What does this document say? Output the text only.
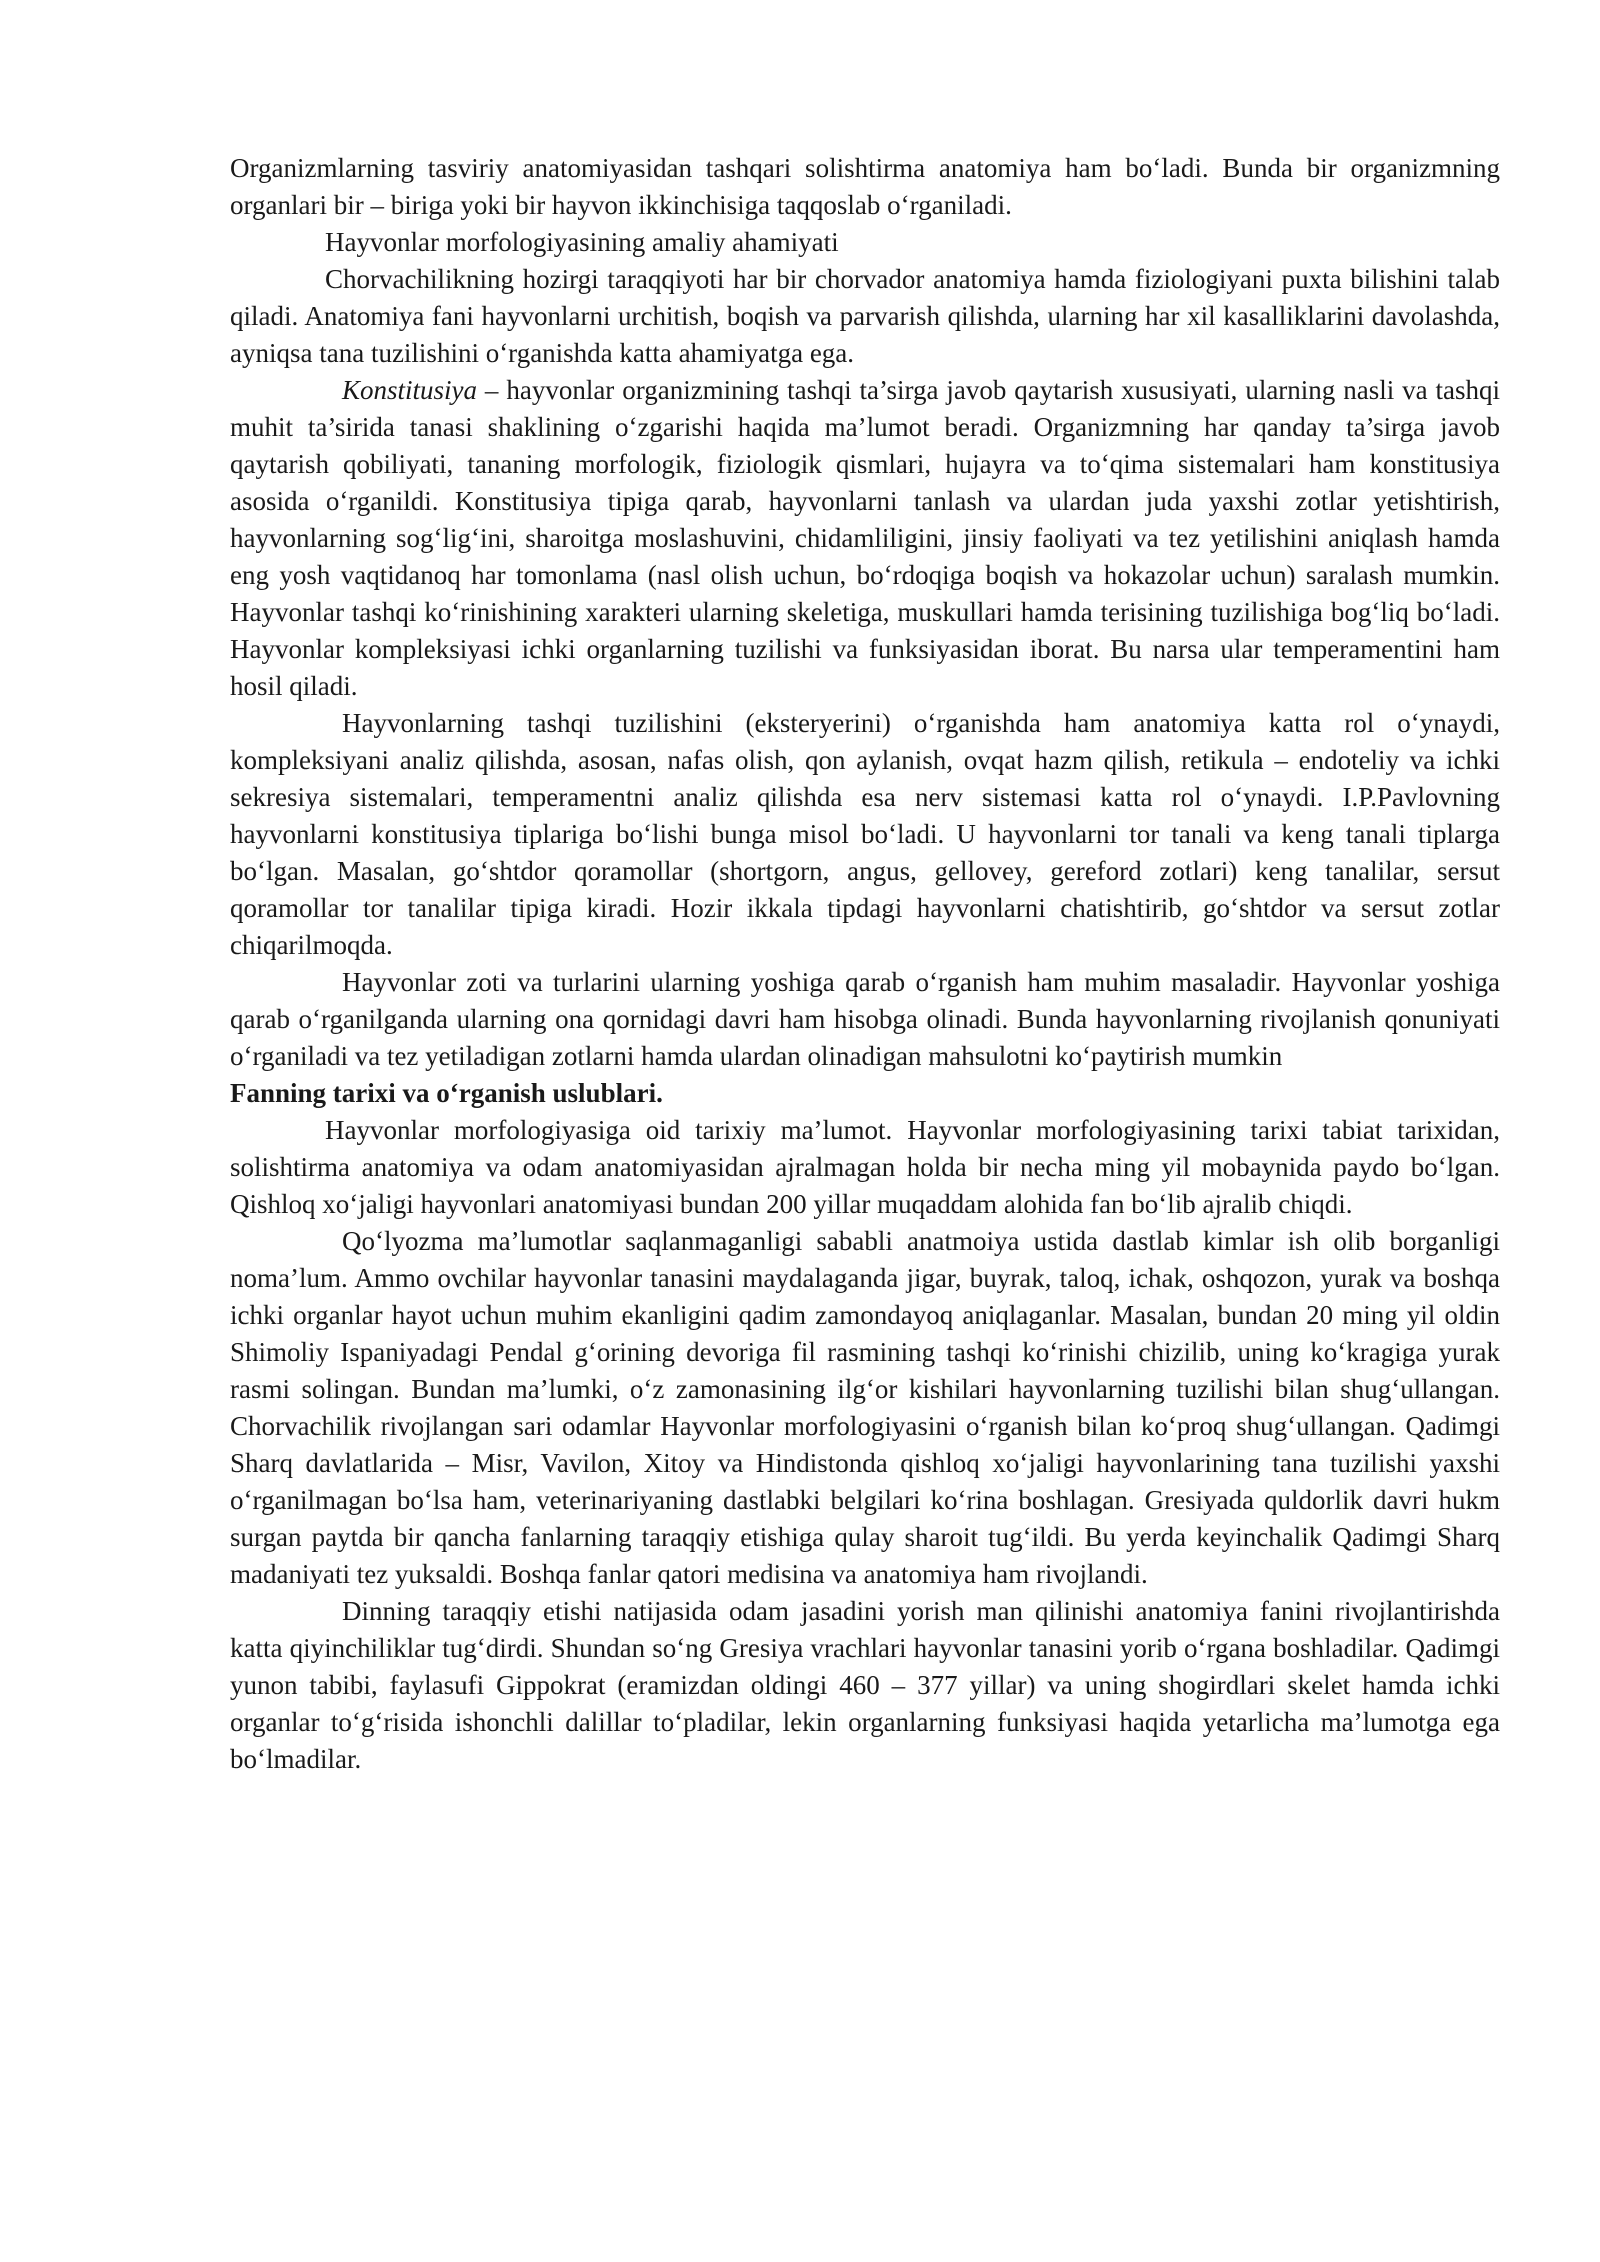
Organizmlarning tasviriy anatomiyasidan tashqari solishtirma anatomiya ham bo‘ladi. Bunda bir organizmning organlari bir – biriga yoki bir hayvon ikkinchisiga taqqoslab o‘rganiladi.

Hayvonlar morfologiyasining amaliy ahamiyati

Chorvachilikning hozirgi taraqqiyoti har bir chorvador anatomiya hamda fiziologiyani puxta bilishini talab qiladi. Anatomiya fani hayvonlarni urchitish, boqish va parvarish qilishda, ularning har xil kasalliklarini davolashda, ayniqsa tana tuzilishini o‘rganishda katta ahamiyatga ega.

Konstitusiya – hayvonlar organizmining tashqi ta’sirga javob qaytarish xususiyati, ularning nasli va tashqi muhit ta’sirida tanasi shaklining o‘zgarishi haqida ma’lumot beradi. Organizmning har qanday ta’sirga javob qaytarish qobiliyati, tananing morfologik, fiziologik qismlari, hujayra va to‘qima sistemalari ham konstitusiya asosida o‘rganildi. Konstitusiya tipiga qarab, hayvonlarni tanlash va ulardan juda yaxshi zotlar yetishtirish, hayvonlarning sog‘lig‘ini, sharoitga moslashuvini, chidamliligini, jinsiy faoliyati va tez yetilishini aniqlash hamda eng yosh vaqtidanoq har tomonlama (nasl olish uchun, bo‘rdoqiga boqish va hokazolar uchun) saralash mumkin. Hayvonlar tashqi ko‘rinishining xarakteri ularning skeletiga, muskullari hamda terisining tuzilishiga bog‘liq bo‘ladi. Hayvonlar kompleksiyasi ichki organlarning tuzilishi va funksiyasidan iborat. Bu narsa ular temperamentini ham hosil qiladi.

Hayvonlarning tashqi tuzilishini (eksteryerini) o‘rganishda ham anatomiya katta rol o‘ynaydi, kompleksiyani analiz qilishda, asosan, nafas olish, qon aylanish, ovqat hazm qilish, retikula – endoteliy va ichki sekresiya sistemalari, temperamentni analiz qilishda esa nerv sistemasi katta rol o‘ynaydi. I.P.Pavlovning hayvonlarni konstitusiya tiplariga bo‘lishi bunga misol bo‘ladi. U hayvonlarni tor tanali va keng tanali tiplarga bo‘lgan. Masalan, go‘shtdor qoramollar (shortgorn, angus, gellovey, gereford zotlari) keng tanalilar, sersut qoramollar tor tanalilar tipiga kiradi. Hozir ikkala tipdagi hayvonlarni chatishtirib, go‘shtdor va sersut zotlar chiqarilmoqda.

Hayvonlar zoti va turlarini ularning yoshiga qarab o‘rganish ham muhim masaladir. Hayvonlar yoshiga qarab o‘rganilganda ularning ona qornidagi davri ham hisobga olinadi. Bunda hayvonlarning rivojlanish qonuniyati o‘rganiladi va tez yetiladigan zotlarni hamda ulardan olinadigan mahsulotni ko‘paytirish mumkin

Fanning tarixi va o‘rganish uslublari.

Hayvonlar morfologiyasiga oid tarixiy ma’lumot. Hayvonlar morfologiyasining tarixi tabiat tarixidan, solishtirma anatomiya va odam anatomiyasidan ajralmagan holda bir necha ming yil mobaynida paydo bo‘lgan. Qishloq xo‘jaligi hayvonlari anatomiyasi bundan 200 yillar muqaddam alohida fan bo‘lib ajralib chiqdi.

Qo‘lyozma ma’lumotlar saqlanmaganligi sababli anatmoiya ustida dastlab kimlar ish olib borganligi noma’lum. Ammo ovchilar hayvonlar tanasini maydalaganda jigar, buyrak, taloq, ichak, oshqozon, yurak va boshqa ichki organlar hayot uchun muhim ekanligini qadim zamondayoq aniqlaganlar. Masalan, bundan 20 ming yil oldin Shimoliy Ispaniyadagi Pendal g‘orining devoriga fil rasmining tashqi ko‘rinishi chizilib, uning ko‘kragiga yurak rasmi solingan. Bundan ma’lumki, o‘z zamonasining ilg‘or kishilari hayvonlarning tuzilishi bilan shug‘ullangan. Chorvachilik rivojlangan sari odamlar Hayvonlar morfologiyasini o‘rganish bilan ko‘proq shug‘ullangan. Qadimgi Sharq davlatlarida – Misr, Vavilon, Xitoy va Hindistonda qishloq xo‘jaligi hayvonlarining tana tuzilishi yaxshi o‘rganilmagan bo‘lsa ham, veterinariyaning dastlabki belgilari ko‘rina boshlagan. Gresiyada quldorlik davri hukm surgan paytda bir qancha fanlarning taraqqiy etishiga qulay sharoit tug‘ildi. Bu yerda keyinchalik Qadimgi Sharq madaniyati tez yuksaldi. Boshqa fanlar qatori medisina va anatomiya ham rivojlandi.

Dinning taraqqiy etishi natijasida odam jasadini yorish man qilinishi anatomiya fanini rivojlantirishda katta qiyinchiliklar tug‘dirdi. Shundan so‘ng Gresiya vrachlari hayvonlar tanasini yorib o‘rgana boshladilar. Qadimgi yunon tabibi, faylasufi Gippokrat (eramizdan oldingi 460 – 377 yillar) va uning shogirdlari skelet hamda ichki organlar to‘g‘risida ishonchli dalillar to‘pladilar, lekin organlarning funksiyasi haqida yetarlicha ma’lumotga ega bo‘lmadilar.
